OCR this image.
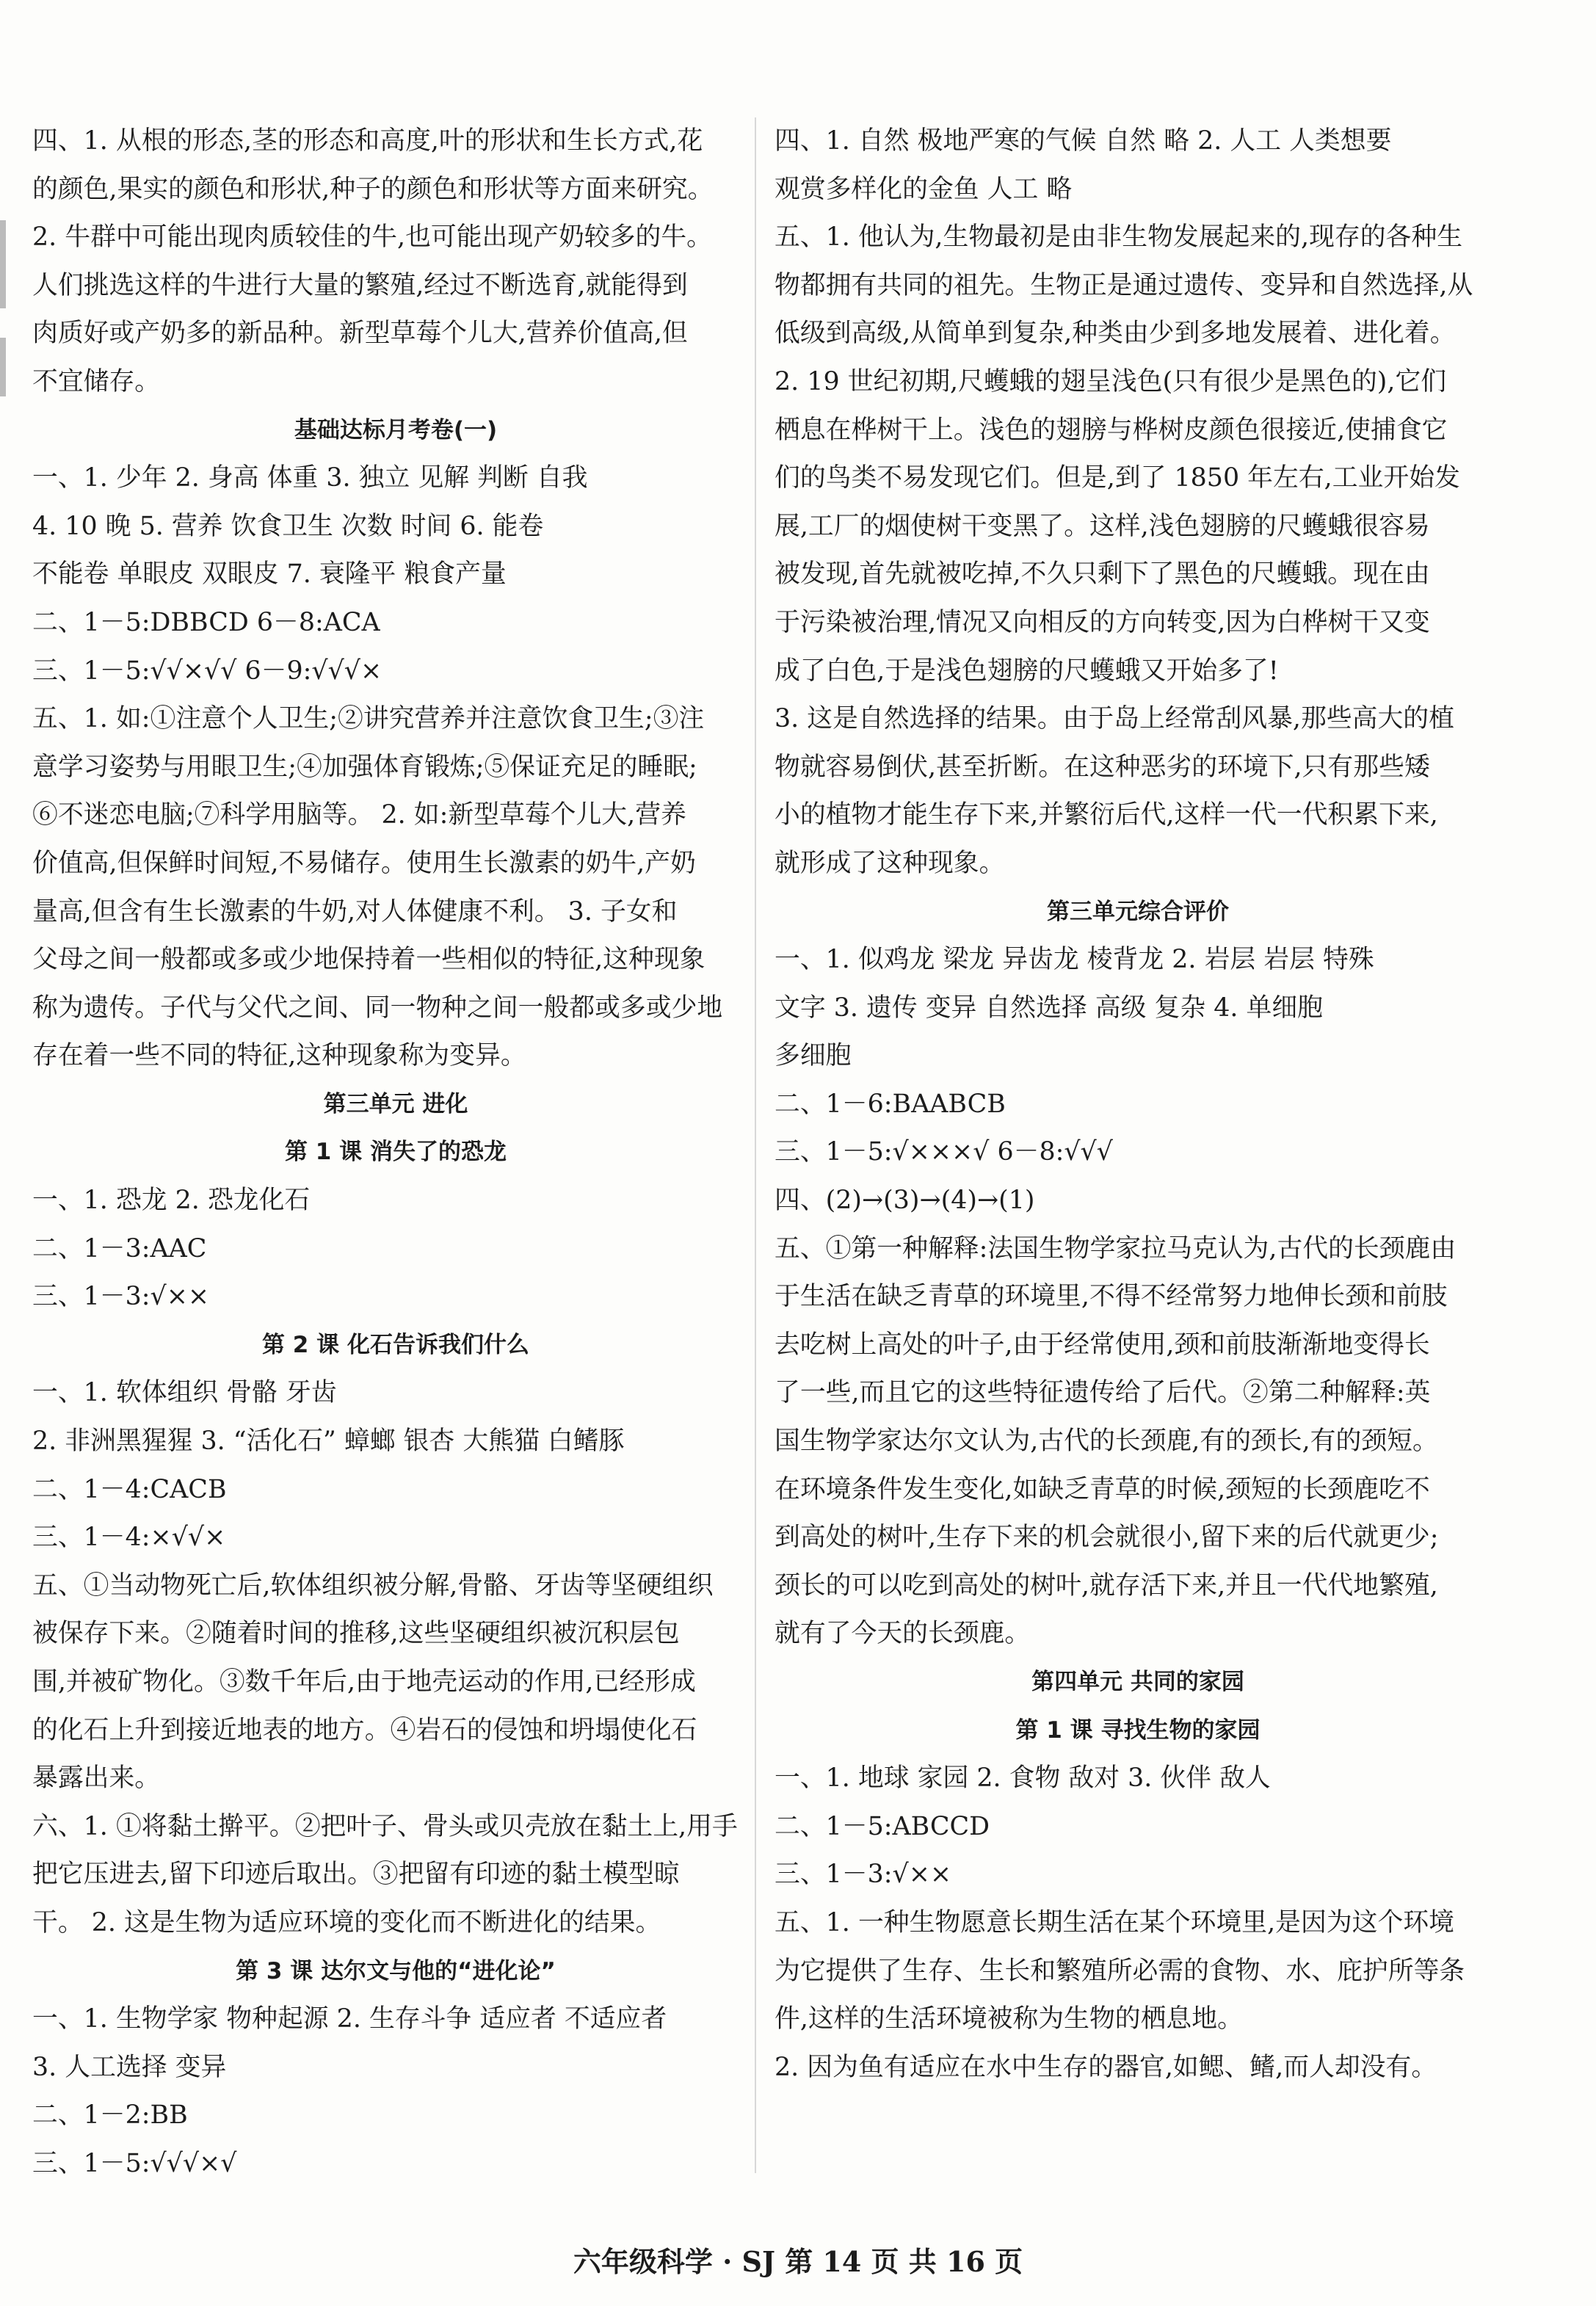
四、1. 从根的形态,茎的形态和高度,叶的形状和生长方式,花
的颜色,果实的颜色和形状,种子的颜色和形状等方面来研究。
2. 牛群中可能出现肉质较佳的牛,也可能出现产奶较多的牛。
人们挑选这样的牛进行大量的繁殖,经过不断选育,就能得到
肉质好或产奶多的新品种。新型草莓个儿大,营养价值高,但
不宜储存。
基础达标月考卷(一)
一、1. 少年 2. 身高 体重 3. 独立 见解 判断 自我
4. 10 晚 5. 营养 饮食卫生 次数 时间 6. 能卷
不能卷 单眼皮 双眼皮 7. 衰隆平 粮食产量
二、1－5:DBBCD 6－8:ACA
三、1－5:√√×√√ 6－9:√√√×
五、1. 如:①注意个人卫生;②讲究营养并注意饮食卫生;③注
意学习姿势与用眼卫生;④加强体育锻炼;⑤保证充足的睡眠;
⑥不迷恋电脑;⑦科学用脑等。 2. 如:新型草莓个儿大,营养
价值高,但保鲜时间短,不易储存。使用生长激素的奶牛,产奶
量高,但含有生长激素的牛奶,对人体健康不利。 3. 子女和
父母之间一般都或多或少地保持着一些相似的特征,这种现象
称为遗传。子代与父代之间、同一物种之间一般都或多或少地
存在着一些不同的特征,这种现象称为变异。
第三单元 进化
第 1 课 消失了的恐龙
一、1. 恐龙 2. 恐龙化石
二、1－3:AAC
三、1－3:√××
第 2 课 化石告诉我们什么
一、1. 软体组织 骨骼 牙齿
2. 非洲黑猩猩 3. “活化石” 蟑螂 银杏 大熊猫 白鳍豚
二、1－4:CACB
三、1－4:×√√×
五、①当动物死亡后,软体组织被分解,骨骼、牙齿等坚硬组织
被保存下来。②随着时间的推移,这些坚硬组织被沉积层包
围,并被矿物化。③数千年后,由于地壳运动的作用,已经形成
的化石上升到接近地表的地方。④岩石的侵蚀和坍塌使化石
暴露出来。
六、1. ①将黏土擀平。②把叶子、骨头或贝壳放在黏土上,用手
把它压进去,留下印迹后取出。③把留有印迹的黏土模型晾
干。 2. 这是生物为适应环境的变化而不断进化的结果。
第 3 课 达尔文与他的“进化论”
一、1. 生物学家 物种起源 2. 生存斗争 适应者 不适应者
3. 人工选择 变异
二、1－2:BB
三、1－5:√√√×√
四、1. 自然 极地严寒的气候 自然 略 2. 人工 人类想要
观赏多样化的金鱼 人工 略
五、1. 他认为,生物最初是由非生物发展起来的,现存的各种生
物都拥有共同的祖先。生物正是通过遗传、变异和自然选择,从
低级到高级,从简单到复杂,种类由少到多地发展着、进化着。
2. 19 世纪初期,尺蠖蛾的翅呈浅色(只有很少是黑色的),它们
栖息在桦树干上。浅色的翅膀与桦树皮颜色很接近,使捕食它
们的鸟类不易发现它们。但是,到了 1850 年左右,工业开始发
展,工厂的烟使树干变黑了。这样,浅色翅膀的尺蠖蛾很容易
被发现,首先就被吃掉,不久只剩下了黑色的尺蠖蛾。现在由
于污染被治理,情况又向相反的方向转变,因为白桦树干又变
成了白色,于是浅色翅膀的尺蠖蛾又开始多了!
3. 这是自然选择的结果。由于岛上经常刮风暴,那些高大的植
物就容易倒伏,甚至折断。在这种恶劣的环境下,只有那些矮
小的植物才能生存下来,并繁衍后代,这样一代一代积累下来,
就形成了这种现象。
第三单元综合评价
一、1. 似鸡龙 梁龙 异齿龙 棱背龙 2. 岩层 岩层 特殊
文字 3. 遗传 变异 自然选择 高级 复杂 4. 单细胞
多细胞
二、1－6:BAABCB
三、1－5:√×××√ 6－8:√√√
四、(2)→(3)→(4)→(1)
五、①第一种解释:法国生物学家拉马克认为,古代的长颈鹿由
于生活在缺乏青草的环境里,不得不经常努力地伸长颈和前肢
去吃树上高处的叶子,由于经常使用,颈和前肢渐渐地变得长
了一些,而且它的这些特征遗传给了后代。②第二种解释:英
国生物学家达尔文认为,古代的长颈鹿,有的颈长,有的颈短。
在环境条件发生变化,如缺乏青草的时候,颈短的长颈鹿吃不
到高处的树叶,生存下来的机会就很小,留下来的后代就更少;
颈长的可以吃到高处的树叶,就存活下来,并且一代代地繁殖,
就有了今天的长颈鹿。
第四单元 共同的家园
第 1 课 寻找生物的家园
一、1. 地球 家园 2. 食物 敌对 3. 伙伴 敌人
二、1－5:ABCCD
三、1－3:√××
五、1. 一种生物愿意长期生活在某个环境里,是因为这个环境
为它提供了生存、生长和繁殖所必需的食物、水、庇护所等条
件,这样的生活环境被称为生物的栖息地。
2. 因为鱼有适应在水中生存的器官,如鳃、鳍,而人却没有。
六年级科学 · SJ 第 14 页 共 16 页
